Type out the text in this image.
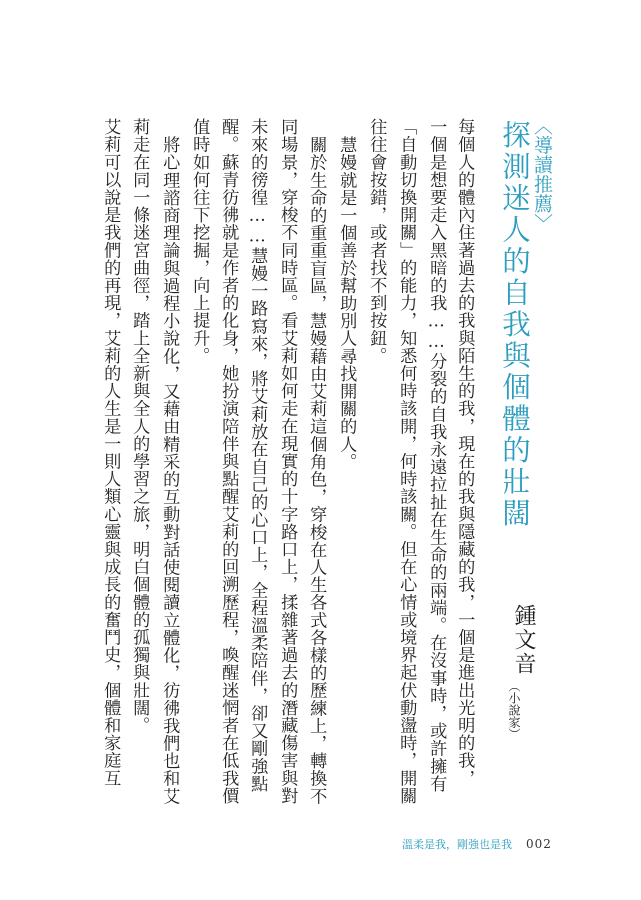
〈導讀推薦〉
探測迷人的自我與個體的壯闊
鍾文音
︵小說家︶
每個人的體內住著過去的我與陌生的我，現在的我與隱藏的我，一個是進出光明的我，
一個是想要走入黑暗的我……分裂的自我永遠拉扯在生命的兩端。在沒事時，或許擁有
「自動切換開關」的能力，知悉何時該開，何時該關。但在心情或境界起伏動盪時，開關
往往會按錯，或者找不到按鈕。
慧嫚就是一個善於幫助別人尋找開關的人。
關於生命的重重盲區，慧嫚藉由艾莉這個角色，穿梭在人生各式各樣的歷練上，轉換不
同場景，穿梭不同時區。看艾莉如何走在現實的十字路口上，揉雜著過去的潛藏傷害與對
未來的徬徨……慧嫚一路寫來，將艾莉放在自己的心口上，全程溫柔陪伴，卻又剛強點
醒。蘇青彷彿就是作者的化身，她扮演陪伴與點醒艾莉的回溯歷程，喚醒迷惘者在低我價
值時如何往下挖掘，向上提升。
將心理諮商理論與過程小說化，又藉由精采的互動對話使閱讀立體化，彷彿我們也和艾
莉走在同一條迷宮曲徑，踏上全新與全人的學習之旅，明白個體的孤獨與壯闊。
艾莉可以說是我們的再現，艾莉的人生是一則人類心靈與成長的奮鬥史，個體和家庭互
溫柔是我，剛強也是我 002
